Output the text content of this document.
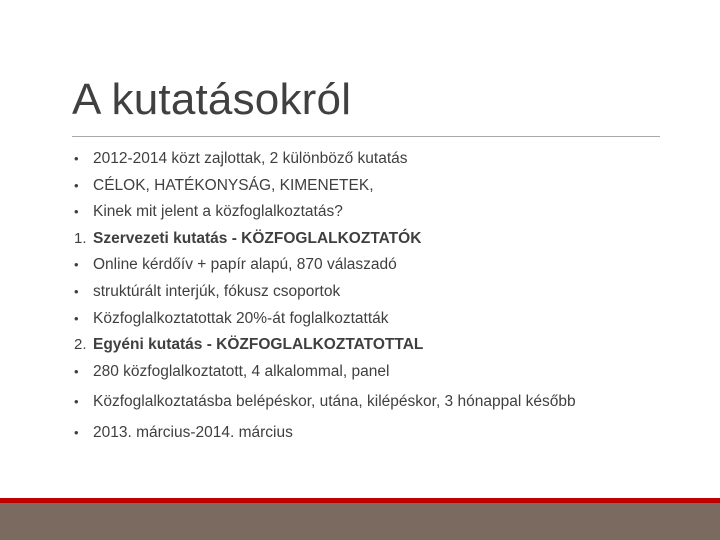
A kutatásokról
• 2012-2014 közt zajlottak, 2 különböző kutatás
• CÉLOK, HATÉKONYSÁG, KIMENETEK,
• Kinek mit jelent a közfoglalkoztatás?
1. Szervezeti kutatás - KÖZFOGLALKOZTATÓK
• Online kérdőív + papír alapú, 870 válaszadó
• struktúrált interjúk, fókusz csoportok
• Közfoglalkoztatottak 20%-át foglalkoztatták
2. Egyéni kutatás - KÖZFOGLALKOZTATOTTAL
• 280 közfoglalkoztatott, 4 alkalommal, panel
• Közfoglalkoztatásba belépéskor, utána, kilépéskor, 3 hónappal később
• 2013. március-2014. március
